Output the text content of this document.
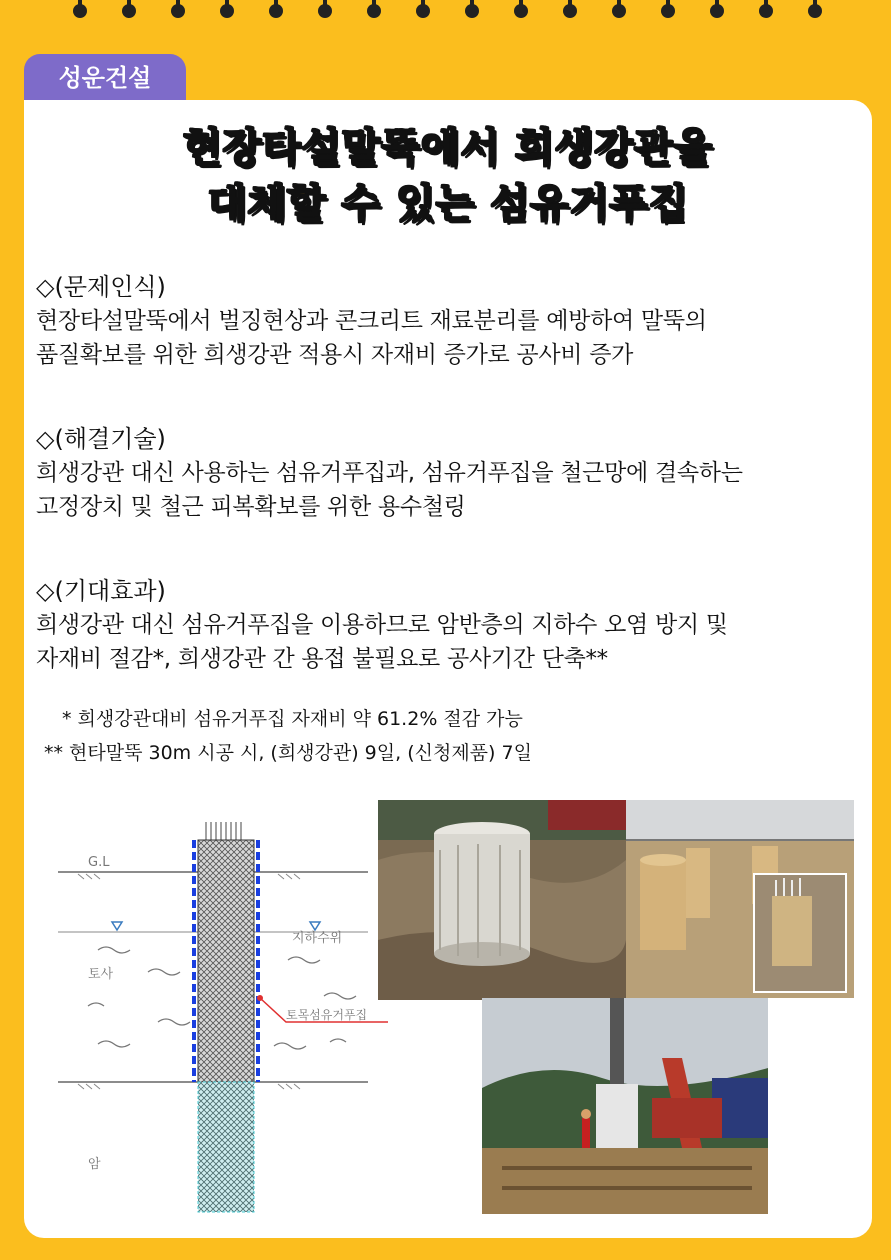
성운건설
현장타설말뚝에서 희생강관을
대체할 수 있는 섬유거푸집
◇(문제인식)
현장타설말뚝에서 벌징현상과 콘크리트 재료분리를 예방하여 말뚝의
품질확보를 위한 희생강관 적용시 자재비 증가로 공사비 증가
◇(해결기술)
희생강관 대신 사용하는 섬유거푸집과, 섬유거푸집을 철근망에 결속하는
고정장치 및 철근 피복확보를 위한 용수철링
◇(기대효과)
희생강관 대신 섬유거푸집을 이용하므로 암반층의 지하수 오염 방지 및
자재비 절감*, 희생강관 간 용접 불필요로 공사기간 단축**
* 희생강관대비 섬유거푸집 자재비 약 61.2% 절감 가능
** 현타말뚝 30m 시공 시, (희생강관) 9일, (신청제품) 7일
G.L
지하수위
토사
토목섬유거푸집
암
